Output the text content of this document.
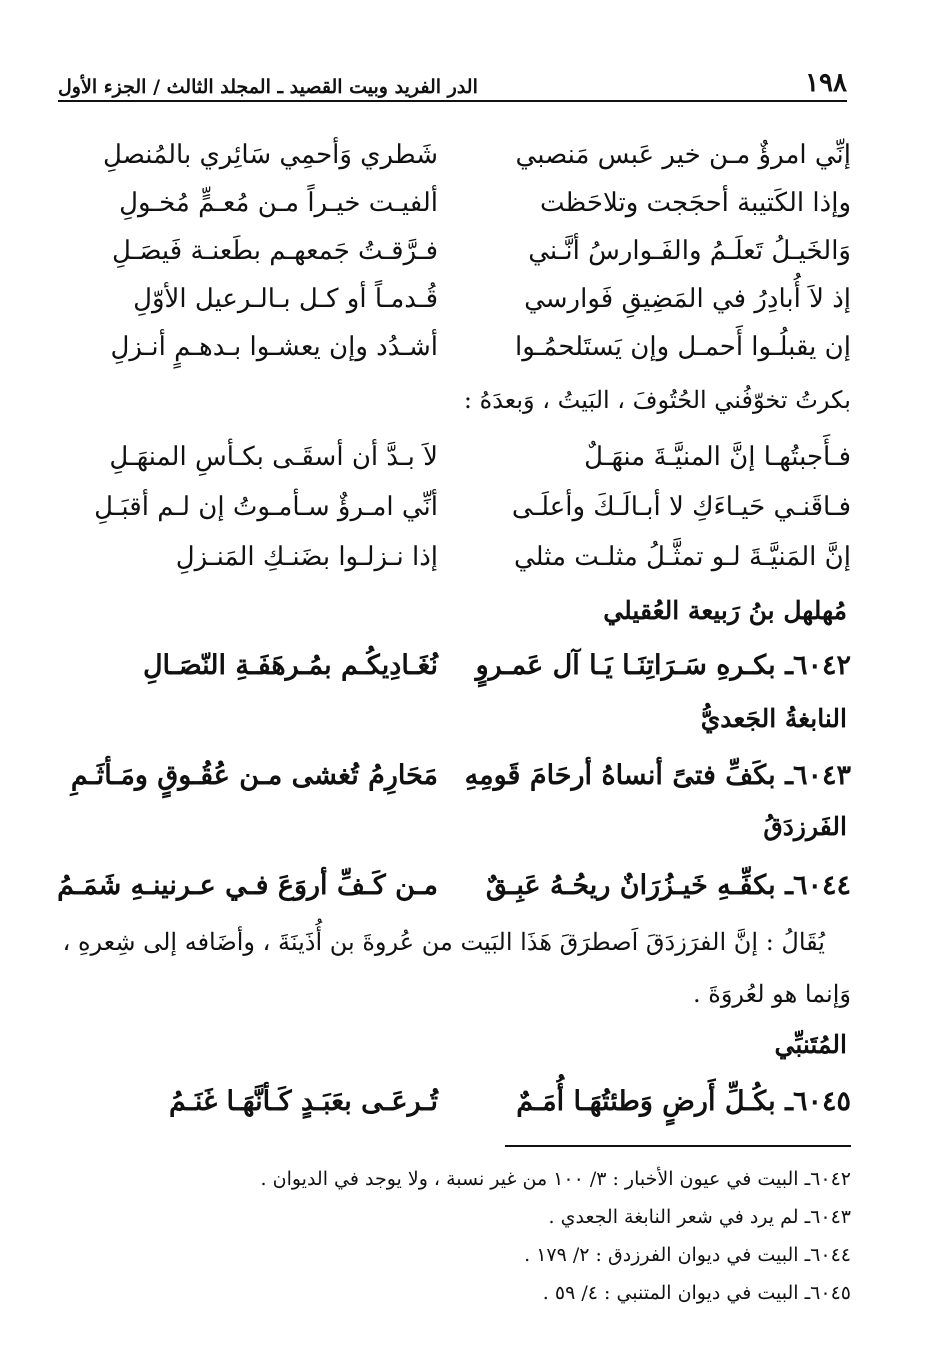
١٩٨
الدر الفريد وبيت القصيد ـ المجلد الثالث / الجزء الأول
إنِّي امرؤٌ مـن خير عَبس مَنصبي
شَطري وَأحمِي سَائِري بالمُنصلِ
وإذا الكَتيبة أحجَجت وتلاحَظت
ألفيـت خيـراً مـن مُعـمٍّ مُخـولِ
وَالخَيـلُ تَعلَـمُ والفَـوارسُ أنَّـني
فـرَّقـتُ جَمعهـم بطَعنـة فَيصَـلِ
إذ لاَ أُبادِرُ في المَضِيقِ فَوارسي
قُـدمـاً أو كـل بـالـرعيل الأوّلِ
إن يقبلُـوا أَحمـل وإن يَستَلحمُـوا
أشـدُد وإن يعشـوا بـدهـمٍ أنـزلِ
بكرتُ تخوّفُني الحُتُوفَ ، البَيتُ ، وَبعدَهُ :
فـأَجبتُهـا إنَّ المنيَّـةَ منهَـلٌ
لاَ بـدَّ أن أسقَـى بكـأسِ المنهَـلِ
فـاقَنـي حَيـاءَكِ لا أبـالَـكَ وأعلَـى
أنِّي امـرؤٌ سـأمـوتُ إن لـم أقبَـلِ
إنَّ المَنيَّـةَ لـو تمثَّـلُ مثلـت مثلي
إذا نـزلـوا بضَنـكِ المَنـزلِ
مُهلهل بنُ رَبيعة العُقيلي
٦٠٤٢ـ بكـرهِ سَـرَاتِنَـا يَـا آل عَمـروٍ
نُغَـادِيكُـم بمُـرهَفَـةِ النّصَـالِ
النابغةُ الجَعديُّ
٦٠٤٣ـ بكَفِّ فتىً أنساهُ أرحَامَ قَومِهِ
مَحَارِمُ تُغشى مـن عُقُـوقٍ ومَـأثَـمِ
الفَرزدَقُ
٦٠٤٤ـ بكفِّـهِ خَيـزُرَانٌ ريحُـهُ عَبِـقٌ
مـن كَـفِّ أروَعَ فـي عـرنينـهِ شَمَـمُ
يُقَالُ : إنَّ الفرَزدَقَ اَصطرَقَ هَذَا البَيت من عُروةَ بن أُذَينَةَ ، وأضَافه إلى شِعرهِ ،
وَإنما هو لعُروَةَ .
المُتَنبِّي
٦٠٤٥ـ بكُـلِّ أَرضٍ وَطئتُهَـا أُمَـمٌ
تُـرعَـى بعَبَـدٍ كَـأنَّهَـا غَنَـمُ
٦٠٤٢ـ البيت في عيون الأخبار : ٣/ ١٠٠ من غير نسبة ، ولا يوجد في الديوان .
٦٠٤٣ـ لم يرد في شعر النابغة الجعدي .
٦٠٤٤ـ البيت في ديوان الفرزدق : ٢/ ١٧٩ .
٦٠٤٥ـ البيت في ديوان المتنبي : ٤/ ٥٩ .
